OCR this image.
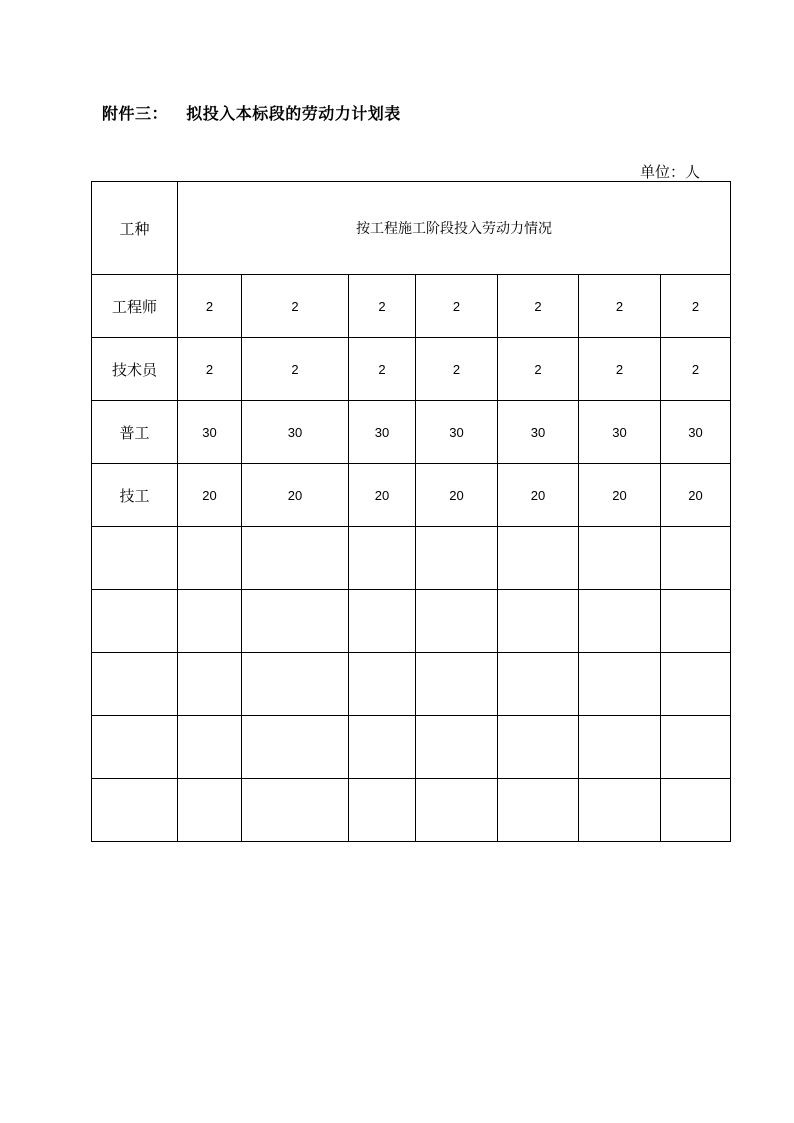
附件三：   拟投入本标段的劳动力计划表
单位：人
工种	按工程施工阶段投入劳动力情况						
工程师	2	2	2	2	2	2	2
技术员	2	2	2	2	2	2	2
普工	30	30	30	30	30	30	30
技工	20	20	20	20	20	20	20
